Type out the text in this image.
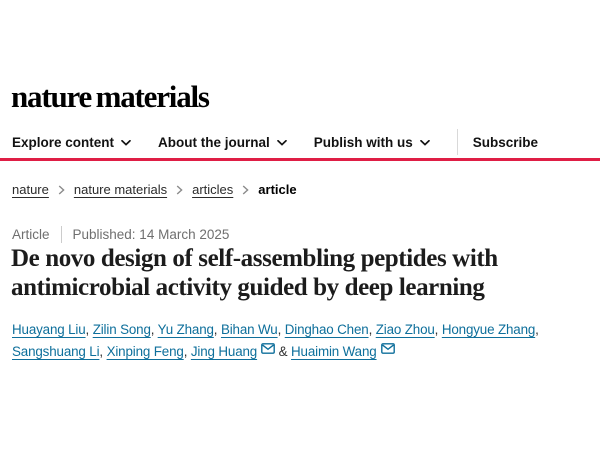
nature materials
Explore content	About the journal	Publish with us	Subscribe
nature nature materials articles article
Article Published: 14 March 2025
De novo design of self-assembling peptides with antimicrobial activity guided by deep learning

Huayang Liu, Zilin Song, Yu Zhang, Bihan Wu, Dinghao Chen, Ziao Zhou, Hongyue Zhang, Sangshuang Li, Xinping Feng, Jing Huang & Huaimin Wang
